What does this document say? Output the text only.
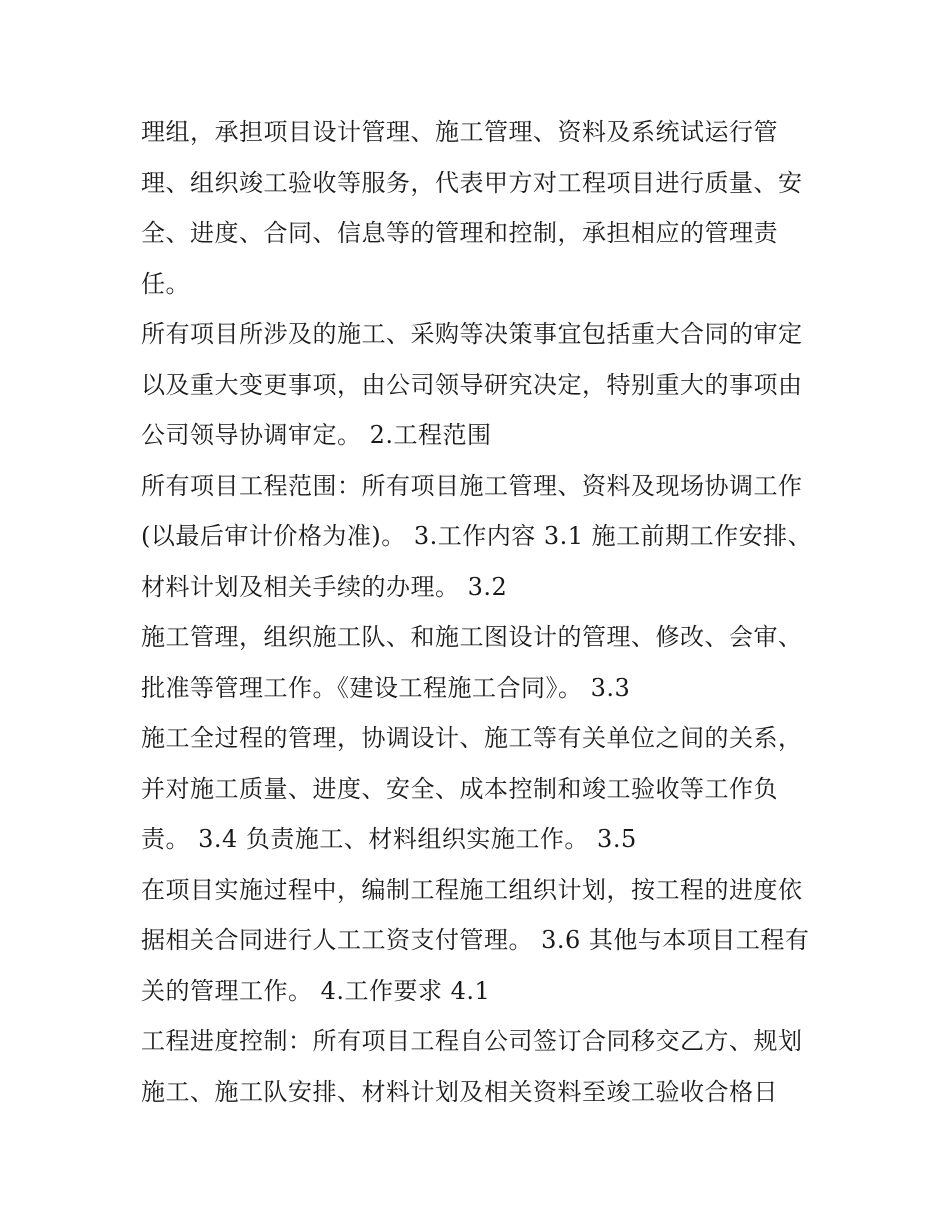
理组，承担项目设计管理、施工管理、资料及系统试运行管
理、组织竣工验收等服务，代表甲方对工程项目进行质量、安
全、进度、合同、信息等的管理和控制，承担相应的管理责
任。
所有项目所涉及的施工、采购等决策事宜包括重大合同的审定
以及重大变更事项，由公司领导研究决定，特别重大的事项由
公司领导协调审定。 2.工程范围
所有项目工程范围：所有项目施工管理、资料及现场协调工作
(以最后审计价格为准)。 3.工作内容 3.1 施工前期工作安排、
材料计划及相关手续的办理。 3.2
施工管理，组织施工队、和施工图设计的管理、修改、会审、
批准等管理工作。《建设工程施工合同》。 3.3
施工全过程的管理，协调设计、施工等有关单位之间的关系，
并对施工质量、进度、安全、成本控制和竣工验收等工作负
责。 3.4 负责施工、材料组织实施工作。 3.5
在项目实施过程中，编制工程施工组织计划，按工程的进度依
据相关合同进行人工工资支付管理。 3.6 其他与本项目工程有
关的管理工作。 4.工作要求 4.1
工程进度控制：所有项目工程自公司签订合同移交乙方、规划
施工、施工队安排、材料计划及相关资料至竣工验收合格日
